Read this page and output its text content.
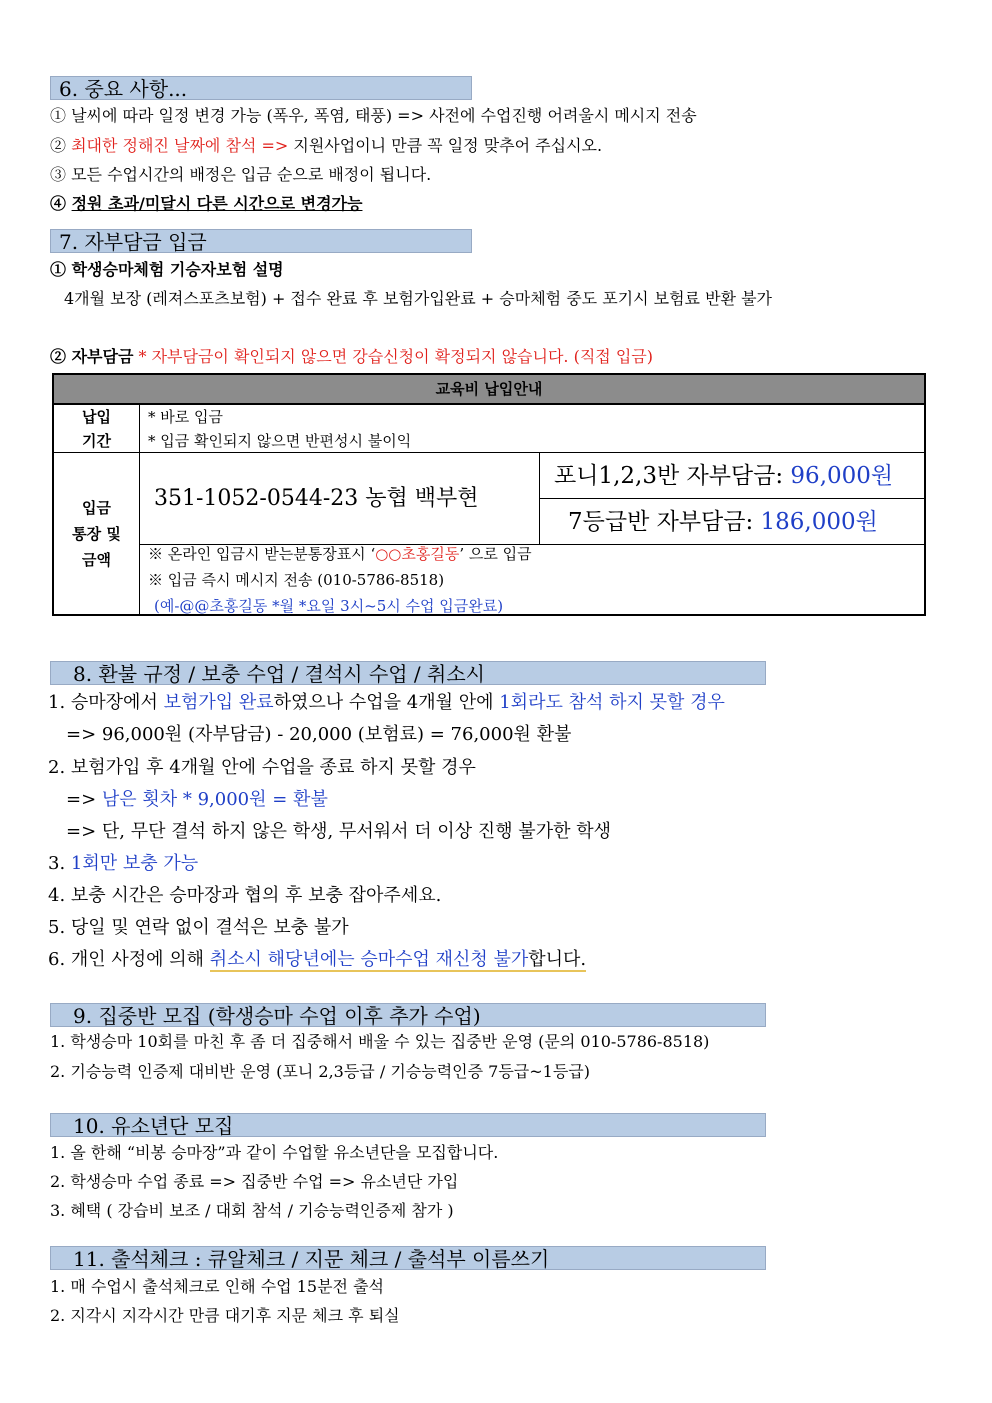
6. 중요 사항...
① 날씨에 따라 일정 변경 가능 (폭우, 폭염, 태풍) => 사전에 수업진행 어려울시 메시지 전송
② 최대한 정해진 날짜에 참석 => 지원사업이니 만큼 꼭 일정 맞추어 주십시오.
③ 모든 수업시간의 배정은 입금 순으로 배정이 됩니다.
④ 정원 초과/미달시 다른 시간으로 변경가능
7. 자부담금 입금
① 학생승마체험 기승자보험 설명
4개월 보장 (레져스포츠보험) + 접수 완료 후 보험가입완료 + 승마체험 중도 포기시 보험료 반환 불가
② 자부담금 * 자부담금이 확인되지 않으면 강습신청이 확정되지 않습니다. (직접 입금)
교육비 납입안내
납입
기간
* 바로 입금
* 입금 확인되지 않으면 반편성시 불이익
입금
통장 및
금액
351-1052-0544-23 농협 백부현
포니1,2,3반 자부담금: 96,000원
7등급반 자부담금: 186,000원
※ 온라인 입금시 받는분통장표시 ‘○○초홍길동’ 으로 입금
※ 입금 즉시 메시지 전송 (010-5786-8518)
(예-@@초홍길동 *월 *요일 3시~5시 수업 입금완료)
8. 환불 규정 / 보충 수업 / 결석시 수업 / 취소시
1. 승마장에서 보험가입 완료하였으나 수업을 4개월 안에 1회라도 참석 하지 못할 경우
=> 96,000원 (자부담금) - 20,000 (보험료) = 76,000원 환불
2. 보험가입 후 4개월 안에 수업을 종료 하지 못할 경우
=> 남은 횟차 * 9,000원 = 환불
=> 단, 무단 결석 하지 않은 학생, 무서워서 더 이상 진행 불가한 학생
3. 1회만 보충 가능
4. 보충 시간은 승마장과 협의 후 보충 잡아주세요.
5. 당일 및 연락 없이 결석은 보충 불가
6. 개인 사정에 의해 취소시 해당년에는 승마수업 재신청 불가합니다.
9. 집중반 모집 (학생승마 수업 이후 추가 수업)
1. 학생승마 10회를 마친 후 좀 더 집중해서 배울 수 있는 집중반 운영 (문의 010-5786-8518)
2. 기승능력 인증제 대비반 운영 (포니 2,3등급 / 기승능력인증 7등급~1등급)
10. 유소년단 모집
1. 올 한해 “비봉 승마장”과 같이 수업할 유소년단을 모집합니다.
2. 학생승마 수업 종료 => 집중반 수업 => 유소년단 가입
3. 혜택 ( 강습비 보조 / 대회 참석 / 기승능력인증제 참가 )
11. 출석체크 : 큐알체크 / 지문 체크 / 출석부 이름쓰기
1. 매 수업시 출석체크로 인해 수업 15분전 출석
2. 지각시 지각시간 만큼 대기후 지문 체크 후 퇴실
